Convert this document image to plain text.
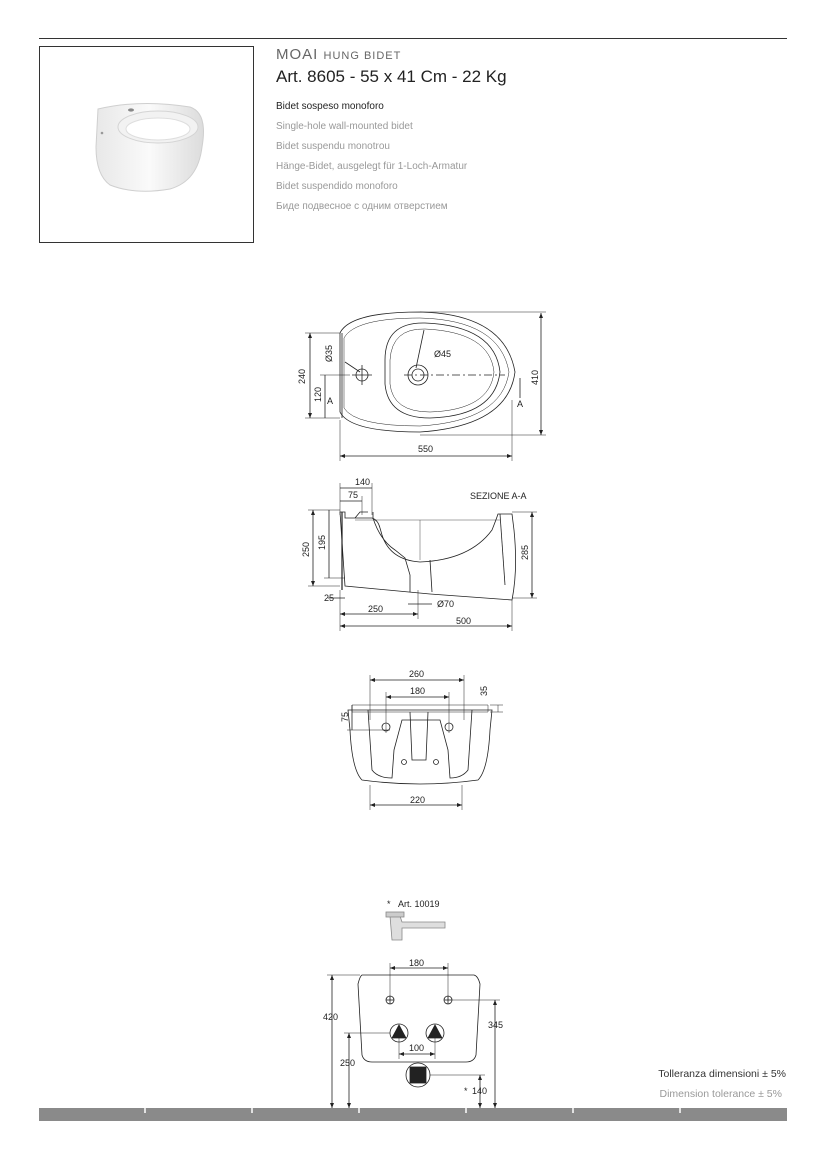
MOAI HUNG BIDET
Art. 8605 - 55 x 41 Cm - 22 Kg
Bidet sospeso monoforo
Single-hole wall-mounted bidet
Bidet suspendu monotrou
Hänge-Bidet, ausgelegt für 1-Loch-Armatur
Bidet suspendido monoforo
Биде подвесное с одним отверстием
Ø35	Ø45
240
120
410
550
A	A
SEZIONE A-A
140
75
250 195
285
25
250	Ø70
500
260
180	35
75
220
* Art. 10019
180
420
345
100
250
* 140
Tolleranza dimensioni ± 5%
Dimension tolerance ± 5%
